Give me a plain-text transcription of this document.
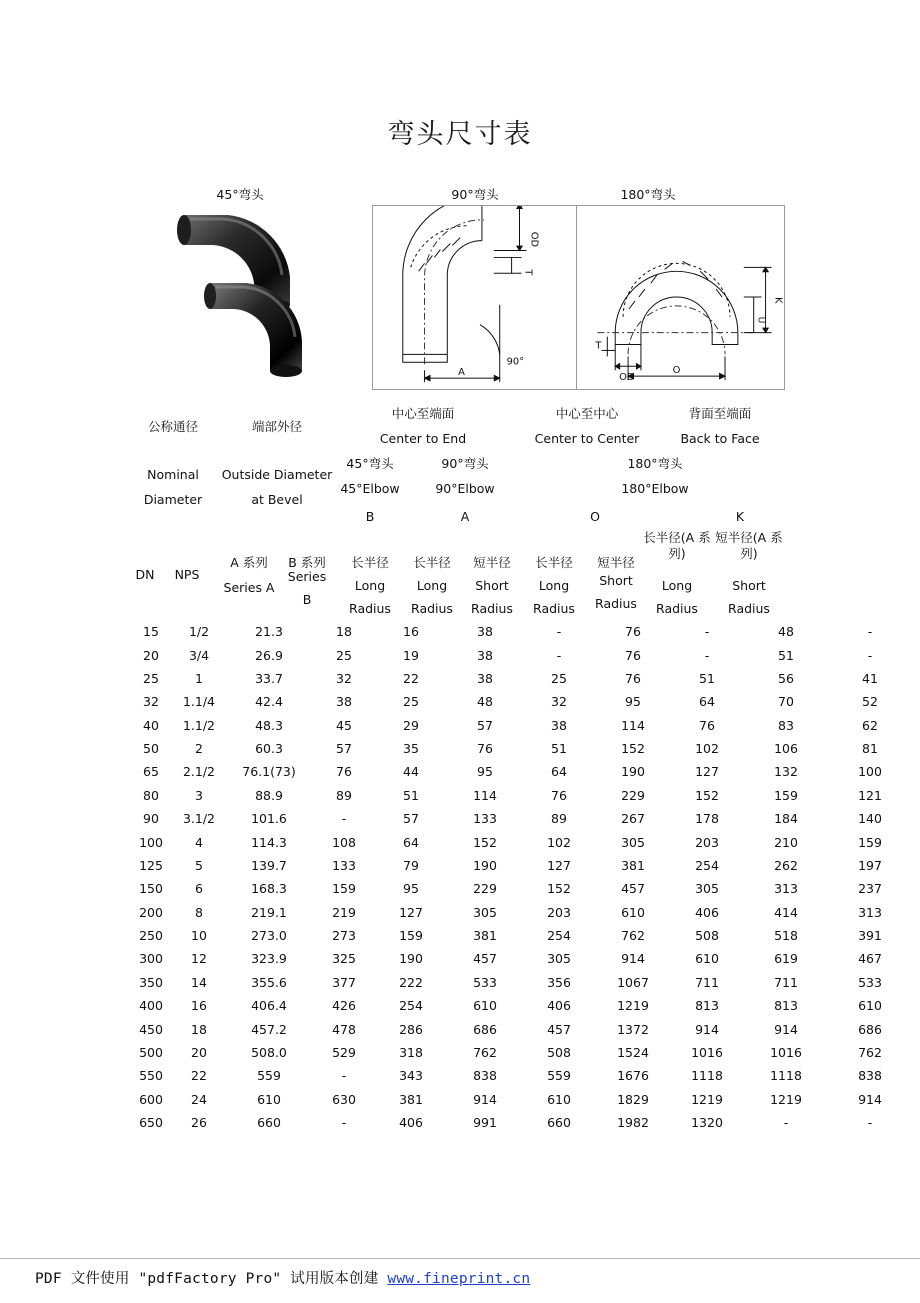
弯头尺寸表
45°弯头	90°弯头	180°弯头
OD
T
A
90°
K
U
T
OD
O
公称通径	端部外径
中心至端面	中心至中心	背面至端面
Center to End	Center to Center	Back to Face
Nominal
Diameter
Outside Diameter
at Bevel
45°弯头
45°Elbow
90°弯头
90°Elbow
180°弯头
180°Elbow
B	A	O	K
DN	NPS
A 系列
Series A
B 系列
Series
B
长半径
Long
Radius
长半径
Long
Radius
短半径
Short
Radius
长半径
Long
Radius
短半径
Short
Radius
长半径(A 系列)
Long
Radius
短半径(A 系列)
Short
Radius
15	1/2	21.3	18	16	38	-	76	-	48	-
20	3/4	26.9	25	19	38	-	76	-	51	-
25	1	33.7	32	22	38	25	76	51	56	41
32	1.1/4	42.4	38	25	48	32	95	64	70	52
40	1.1/2	48.3	45	29	57	38	114	76	83	62
50	2	60.3	57	35	76	51	152	102	106	81
65	2.1/2	76.1(73)	76	44	95	64	190	127	132	100
80	3	88.9	89	51	114	76	229	152	159	121
90	3.1/2	101.6	-	57	133	89	267	178	184	140
100	4	114.3	108	64	152	102	305	203	210	159
125	5	139.7	133	79	190	127	381	254	262	197
150	6	168.3	159	95	229	152	457	305	313	237
200	8	219.1	219	127	305	203	610	406	414	313
250	10	273.0	273	159	381	254	762	508	518	391
300	12	323.9	325	190	457	305	914	610	619	467
350	14	355.6	377	222	533	356	1067	711	711	533
400	16	406.4	426	254	610	406	1219	813	813	610
450	18	457.2	478	286	686	457	1372	914	914	686
500	20	508.0	529	318	762	508	1524	1016	1016	762
550	22	559	-	343	838	559	1676	1118	1118	838
600	24	610	630	381	914	610	1829	1219	1219	914
650	26	660	-	406	991	660	1982	1320	-	-
PDF 文件使用 "pdfFactory Pro" 试用版本创建 www.fineprint.cn
